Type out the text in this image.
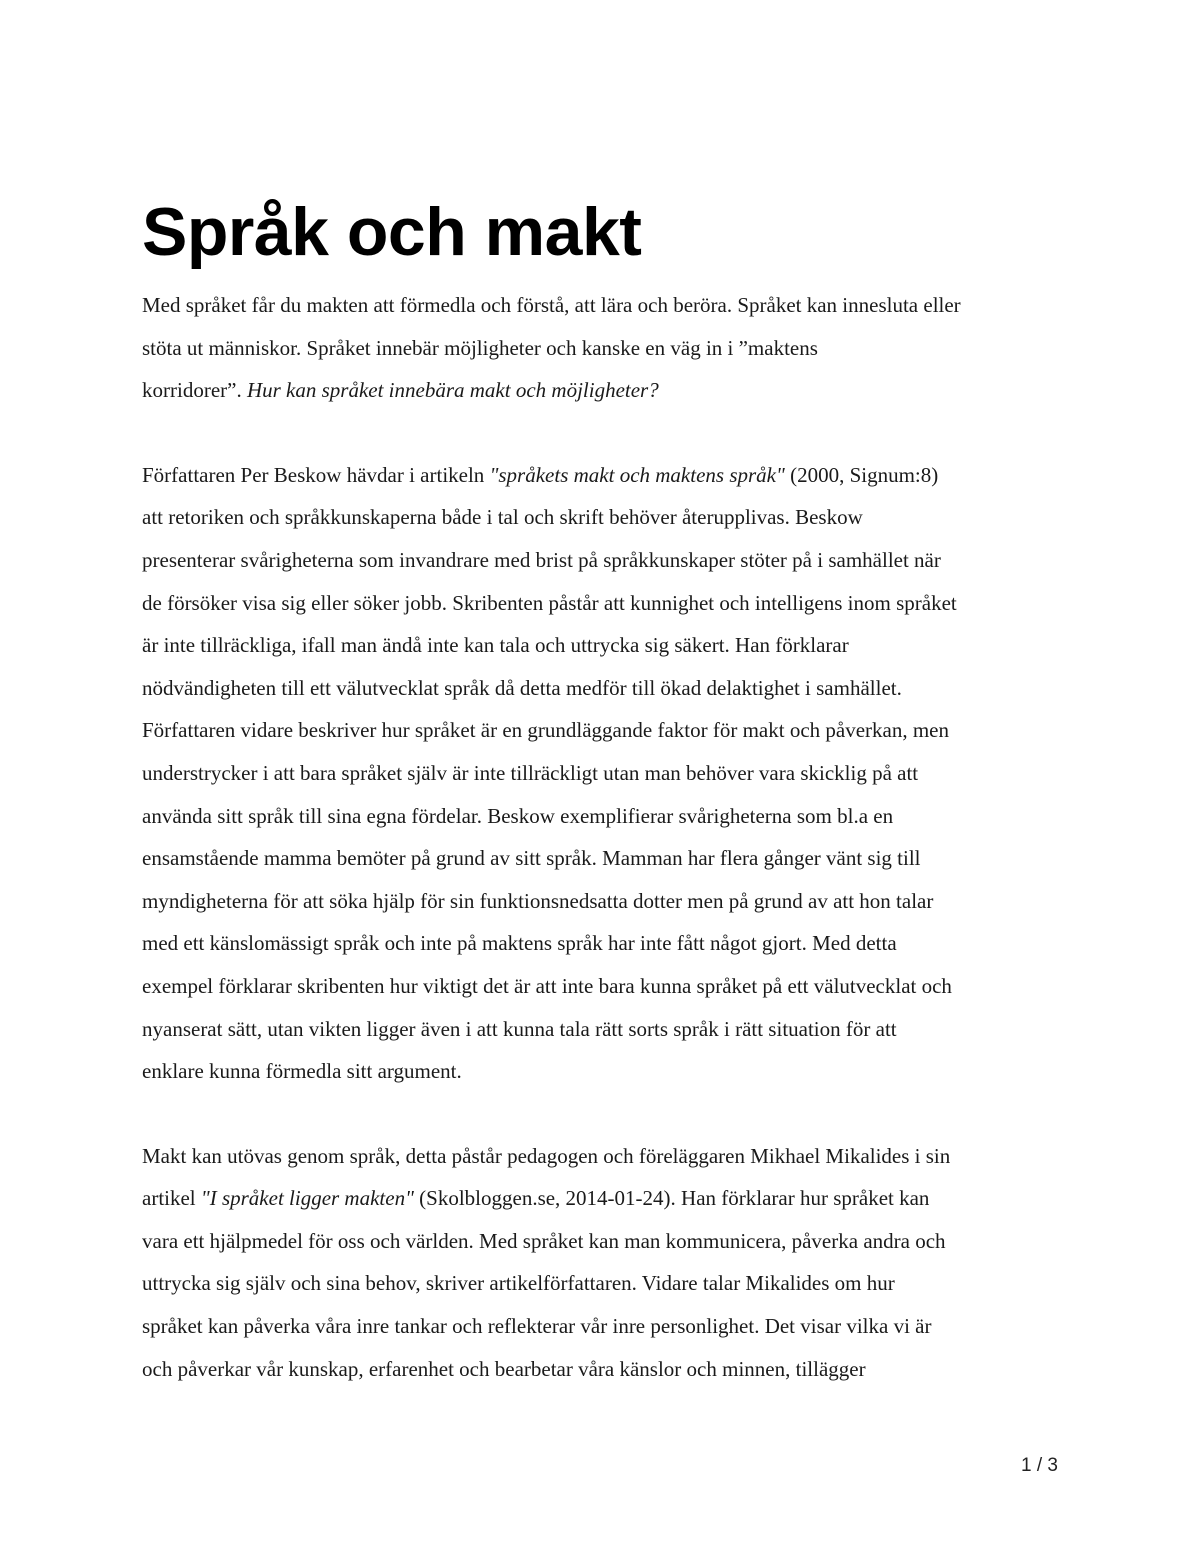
Språk och makt

Med språket får du makten att förmedla och förstå, att lära och beröra. Språket kan innesluta eller
stöta ut människor. Språket innebär möjligheter och kanske en väg in i ”maktens
korridorer”. Hur kan språket innebära makt och möjligheter?

Författaren Per Beskow hävdar i artikeln "språkets makt och maktens språk" (2000, Signum:8)
att retoriken och språkkunskaperna både i tal och skrift behöver återupplivas. Beskow
presenterar svårigheterna som invandrare med brist på språkkunskaper stöter på i samhället när
de försöker visa sig eller söker jobb. Skribenten påstår att kunnighet och intelligens inom språket
är inte tillräckliga, ifall man ändå inte kan tala och uttrycka sig säkert. Han förklarar
nödvändigheten till ett välutvecklat språk då detta medför till ökad delaktighet i samhället.
Författaren vidare beskriver hur språket är en grundläggande faktor för makt och påverkan, men
understrycker i att bara språket själv är inte tillräckligt utan man behöver vara skicklig på att
använda sitt språk till sina egna fördelar. Beskow exemplifierar svårigheterna som bl.a en
ensamstående mamma bemöter på grund av sitt språk. Mamman har flera gånger vänt sig till
myndigheterna för att söka hjälp för sin funktionsnedsatta dotter men på grund av att hon talar
med ett känslomässigt språk och inte på maktens språk har inte fått något gjort. Med detta
exempel förklarar skribenten hur viktigt det är att inte bara kunna språket på ett välutvecklat och
nyanserat sätt, utan vikten ligger även i att kunna tala rätt sorts språk i rätt situation för att
enklare kunna förmedla sitt argument.

Makt kan utövas genom språk, detta påstår pedagogen och föreläggaren Mikhael Mikalides i sin
artikel "I språket ligger makten" (Skolbloggen.se, 2014-01-24). Han förklarar hur språket kan
vara ett hjälpmedel för oss och världen. Med språket kan man kommunicera, påverka andra och
uttrycka sig själv och sina behov, skriver artikelförfattaren. Vidare talar Mikalides om hur
språket kan påverka våra inre tankar och reflekterar vår inre personlighet. Det visar vilka vi är
och påverkar vår kunskap, erfarenhet och bearbetar våra känslor och minnen, tillägger

1 / 3
